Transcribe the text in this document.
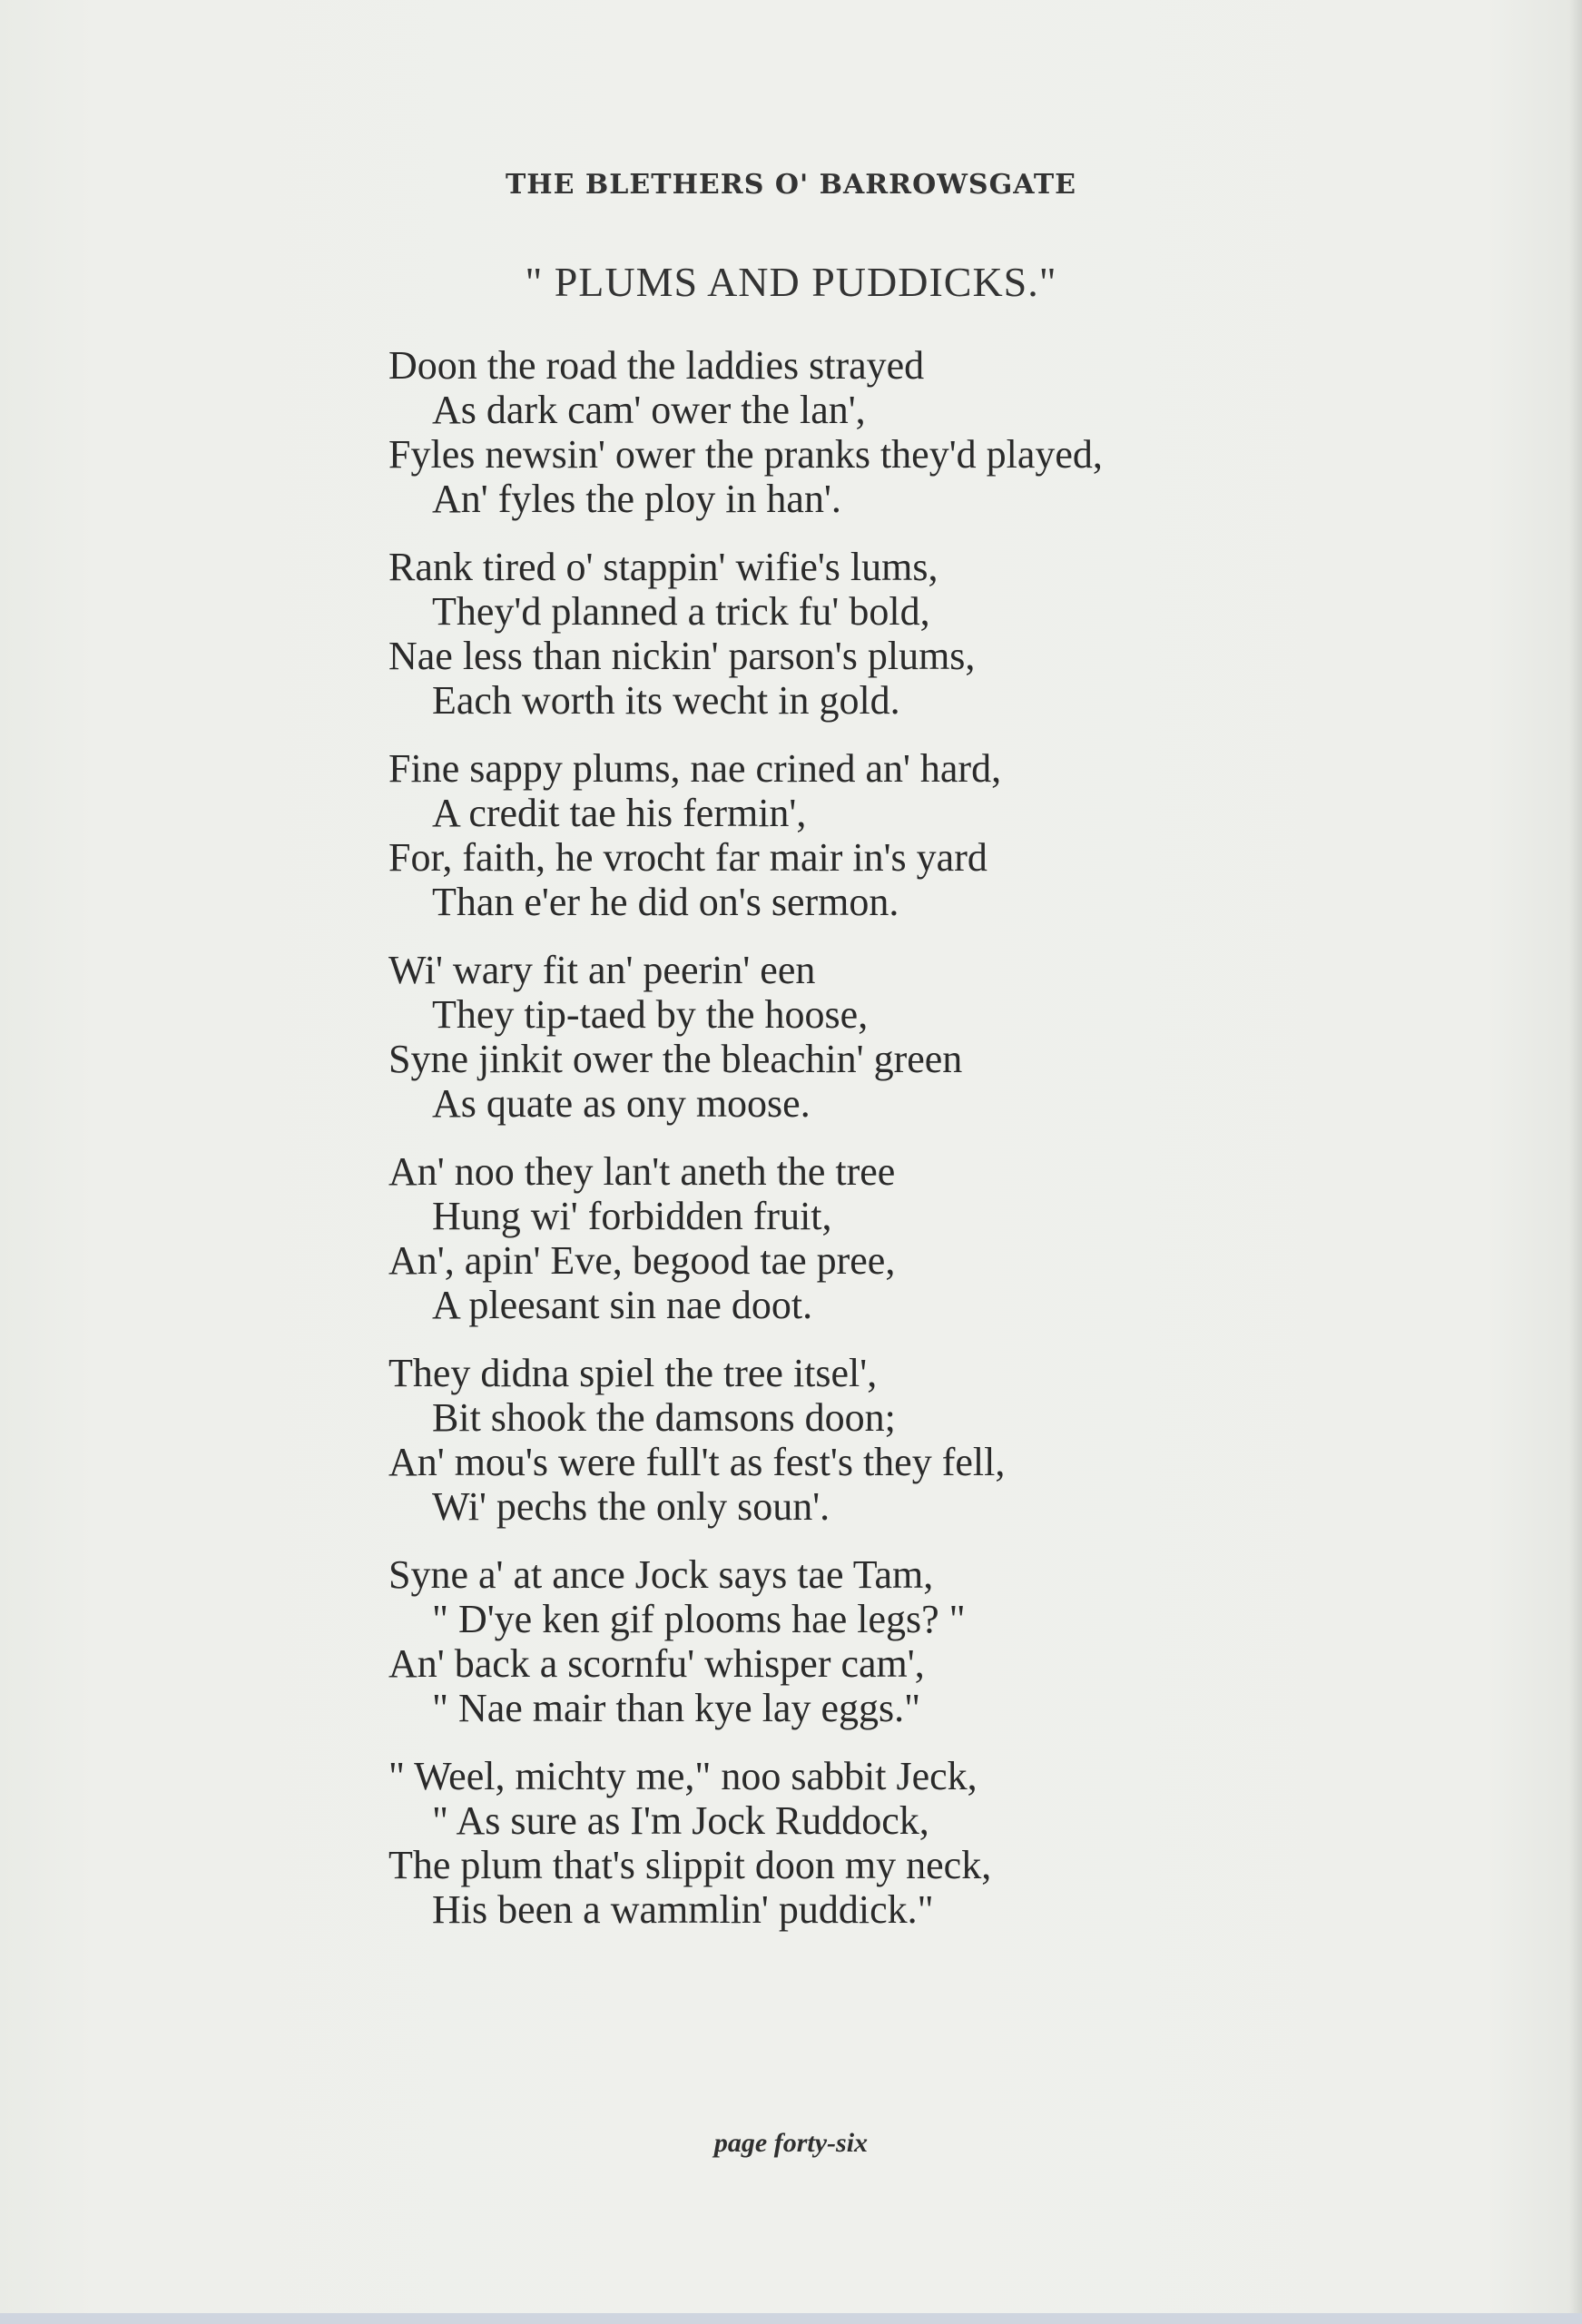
THE BLETHERS O' BARROWSGATE
" PLUMS AND PUDDICKS."
Doon the road the laddies strayed
As dark cam' ower the lan',
Fyles newsin' ower the pranks they'd played,
An' fyles the ploy in han'.
Rank tired o' stappin' wifie's lums,
They'd planned a trick fu' bold,
Nae less than nickin' parson's plums,
Each worth its wecht in gold.
Fine sappy plums, nae crined an' hard,
A credit tae his fermin',
For, faith, he vrocht far mair in's yard
Than e'er he did on's sermon.
Wi' wary fit an' peerin' een
They tip-taed by the hoose,
Syne jinkit ower the bleachin' green
As quate as ony moose.
An' noo they lan't aneth the tree
Hung wi' forbidden fruit,
An', apin' Eve, begood tae pree,
A pleesant sin nae doot.
They didna spiel the tree itsel',
Bit shook the damsons doon;
An' mou's were full't as fest's they fell,
Wi' pechs the only soun'.
Syne a' at ance Jock says tae Tam,
" D'ye ken gif plooms hae legs? "
An' back a scornfu' whisper cam',
" Nae mair than kye lay eggs."
" Weel, michty me," noo sabbit Jeck,
" As sure as I'm Jock Ruddock,
The plum that's slippit doon my neck,
His been a wammlin' puddick."
page forty-six
